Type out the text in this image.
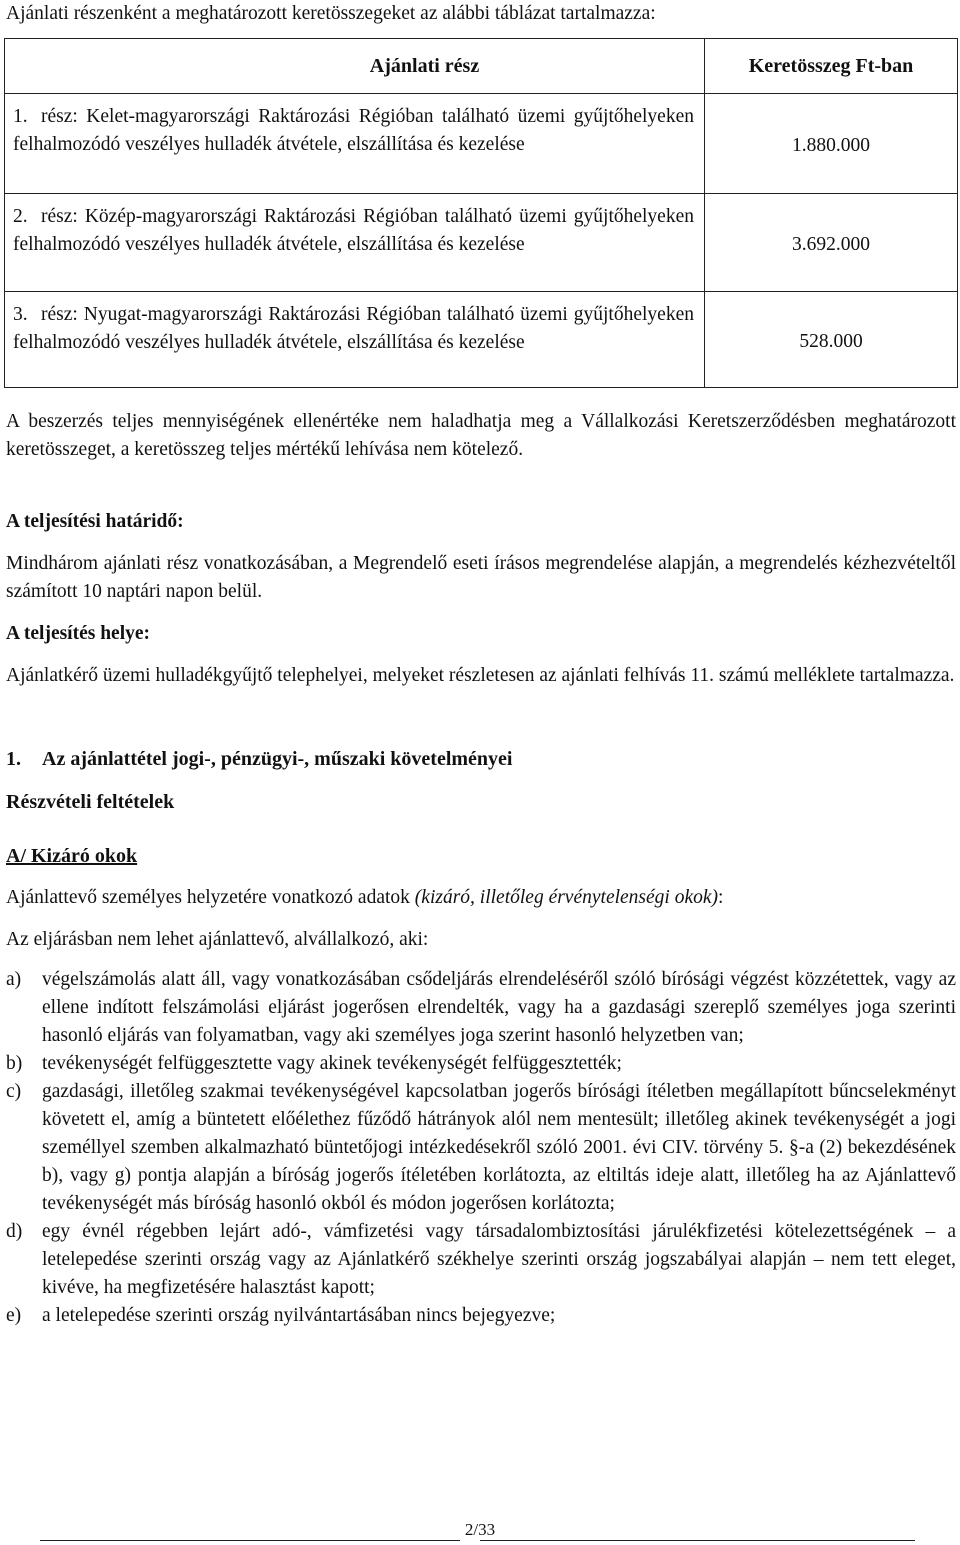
Ajánlati részenként a meghatározott keretösszegeket az alábbi táblázat tartalmazza:
Ajánlati rész	Keretösszeg Ft-ban
1. rész: Kelet-magyarországi Raktározási Régióban található üzemi gyűjtőhelyeken felhalmozódó veszélyes hulladék átvétele, elszállítása és kezelése	1.880.000
2. rész: Közép-magyarországi Raktározási Régióban található üzemi gyűjtőhelyeken felhalmozódó veszélyes hulladék átvétele, elszállítása és kezelése	3.692.000
3. rész: Nyugat-magyarországi Raktározási Régióban található üzemi gyűjtőhelyeken felhalmozódó veszélyes hulladék átvétele, elszállítása és kezelése	528.000
A beszerzés teljes mennyiségének ellenértéke nem haladhatja meg a Vállalkozási Keretszerződésben meghatározott keretösszeget, a keretösszeg teljes mértékű lehívása nem kötelező.
A teljesítési határidő:
Mindhárom ajánlati rész vonatkozásában, a Megrendelő eseti írásos megrendelése alapján, a megrendelés kézhezvételtől számított 10 naptári napon belül.
A teljesítés helye:
Ajánlatkérő üzemi hulladékgyűjtő telephelyei, melyeket részletesen az ajánlati felhívás 11. számú melléklete tartalmazza.
1. Az ajánlattétel jogi-, pénzügyi-, műszaki követelményei
Részvételi feltételek
A/ Kizáró okok
Ajánlattevő személyes helyzetére vonatkozó adatok (kizáró, illetőleg érvénytelenségi okok):
Az eljárásban nem lehet ajánlattevő, alvállalkozó, aki:
a) végelszámolás alatt áll, vagy vonatkozásában csődeljárás elrendeléséről szóló bírósági végzést közzétettek, vagy az ellene indított felszámolási eljárást jogerősen elrendelték, vagy ha a gazdasági szereplő személyes joga szerinti hasonló eljárás van folyamatban, vagy aki személyes joga szerint hasonló helyzetben van;
b) tevékenységét felfüggesztette vagy akinek tevékenységét felfüggesztették;
c) gazdasági, illetőleg szakmai tevékenységével kapcsolatban jogerős bírósági ítéletben megállapított bűncselekményt követett el, amíg a büntetett előélethez fűződő hátrányok alól nem mentesült; illetőleg akinek tevékenységét a jogi személlyel szemben alkalmazható büntetőjogi intézkedésekről szóló 2001. évi CIV. törvény 5. §-a (2) bekezdésének b), vagy g) pontja alapján a bíróság jogerős ítéletében korlátozta, az eltiltás ideje alatt, illetőleg ha az Ajánlattevő tevékenységét más bíróság hasonló okból és módon jogerősen korlátozta;
d) egy évnél régebben lejárt adó-, vámfizetési vagy társadalombiztosítási járulékfizetési kötelezettségének – a letelepedése szerinti ország vagy az Ajánlatkérő székhelye szerinti ország jogszabályai alapján – nem tett eleget, kivéve, ha megfizetésére halasztást kapott;
e) a letelepedése szerinti ország nyilvántartásában nincs bejegyezve;
2/33
